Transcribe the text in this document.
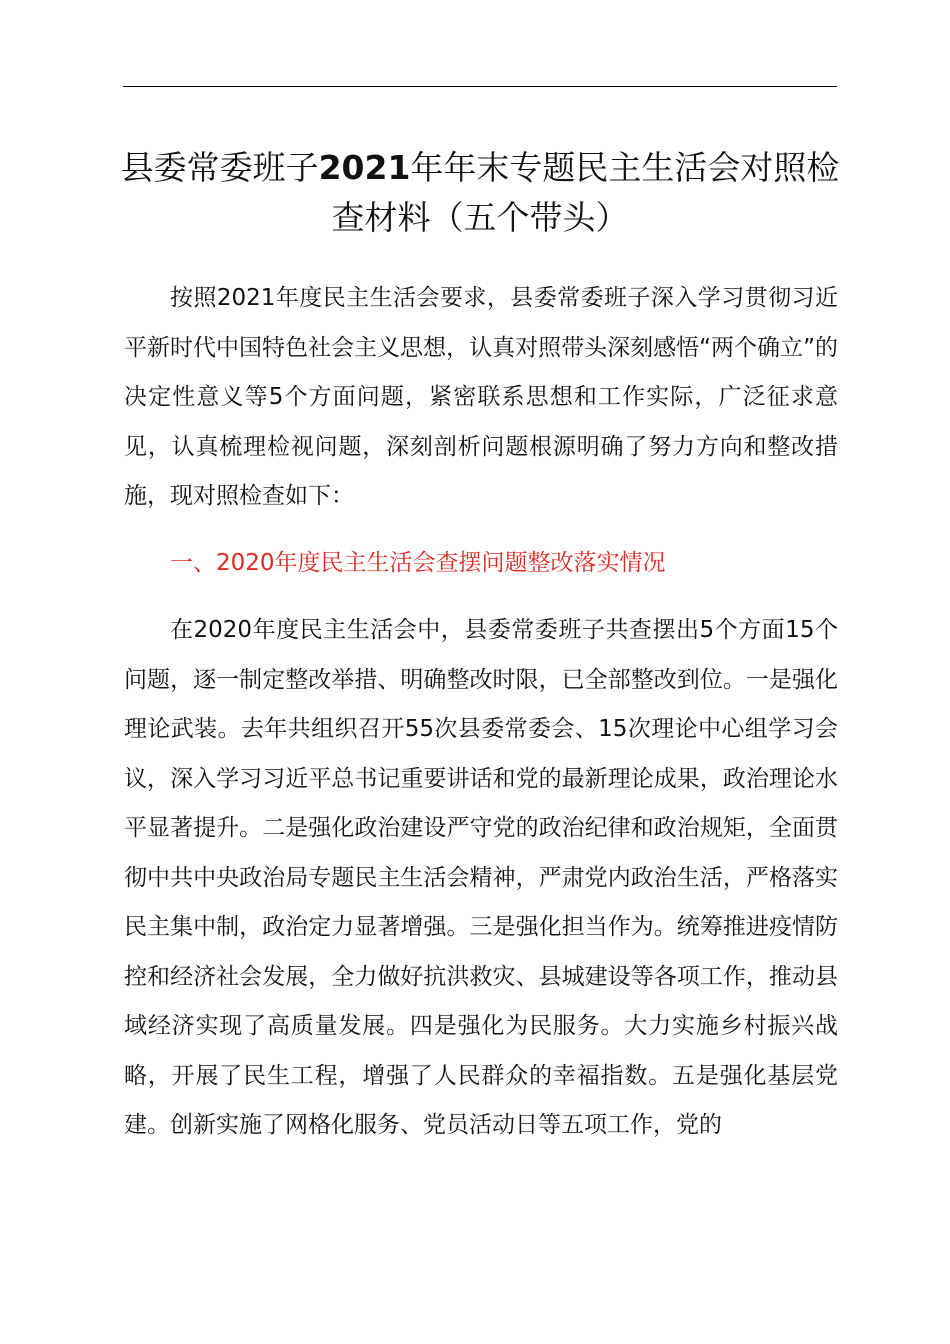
县委常委班子2021年年末专题民主生活会对照检查材料（五个带头）

按照2021年度民主生活会要求，县委常委班子深入学习贯彻习近平新时代中国特色社会主义思想，认真对照带头深刻感悟“两个确立”的决定性意义等5个方面问题，紧密联系思想和工作实际，广泛征求意见，认真梳理检视问题，深刻剖析问题根源明确了努力方向和整改措施，现对照检查如下：

一、2020年度民主生活会查摆问题整改落实情况

在2020年度民主生活会中，县委常委班子共查摆出5个方面15个问题，逐一制定整改举措、明确整改时限，已全部整改到位。一是强化理论武装。去年共组织召开55次县委常委会、15次理论中心组学习会议，深入学习习近平总书记重要讲话和党的最新理论成果，政治理论水平显著提升。二是强化政治建设严守党的政治纪律和政治规矩，全面贯彻中共中央政治局专题民主生活会精神，严肃党内政治生活，严格落实民主集中制，政治定力显著增强。三是强化担当作为。统筹推进疫情防控和经济社会发展，全力做好抗洪救灾、县城建设等各项工作，推动县域经济实现了高质量发展。四是强化为民服务。大力实施乡村振兴战略，开展了民生工程，增强了人民群众的幸福指数。五是强化基层党建。创新实施了网格化服务、党员活动日等五项工作，党的
